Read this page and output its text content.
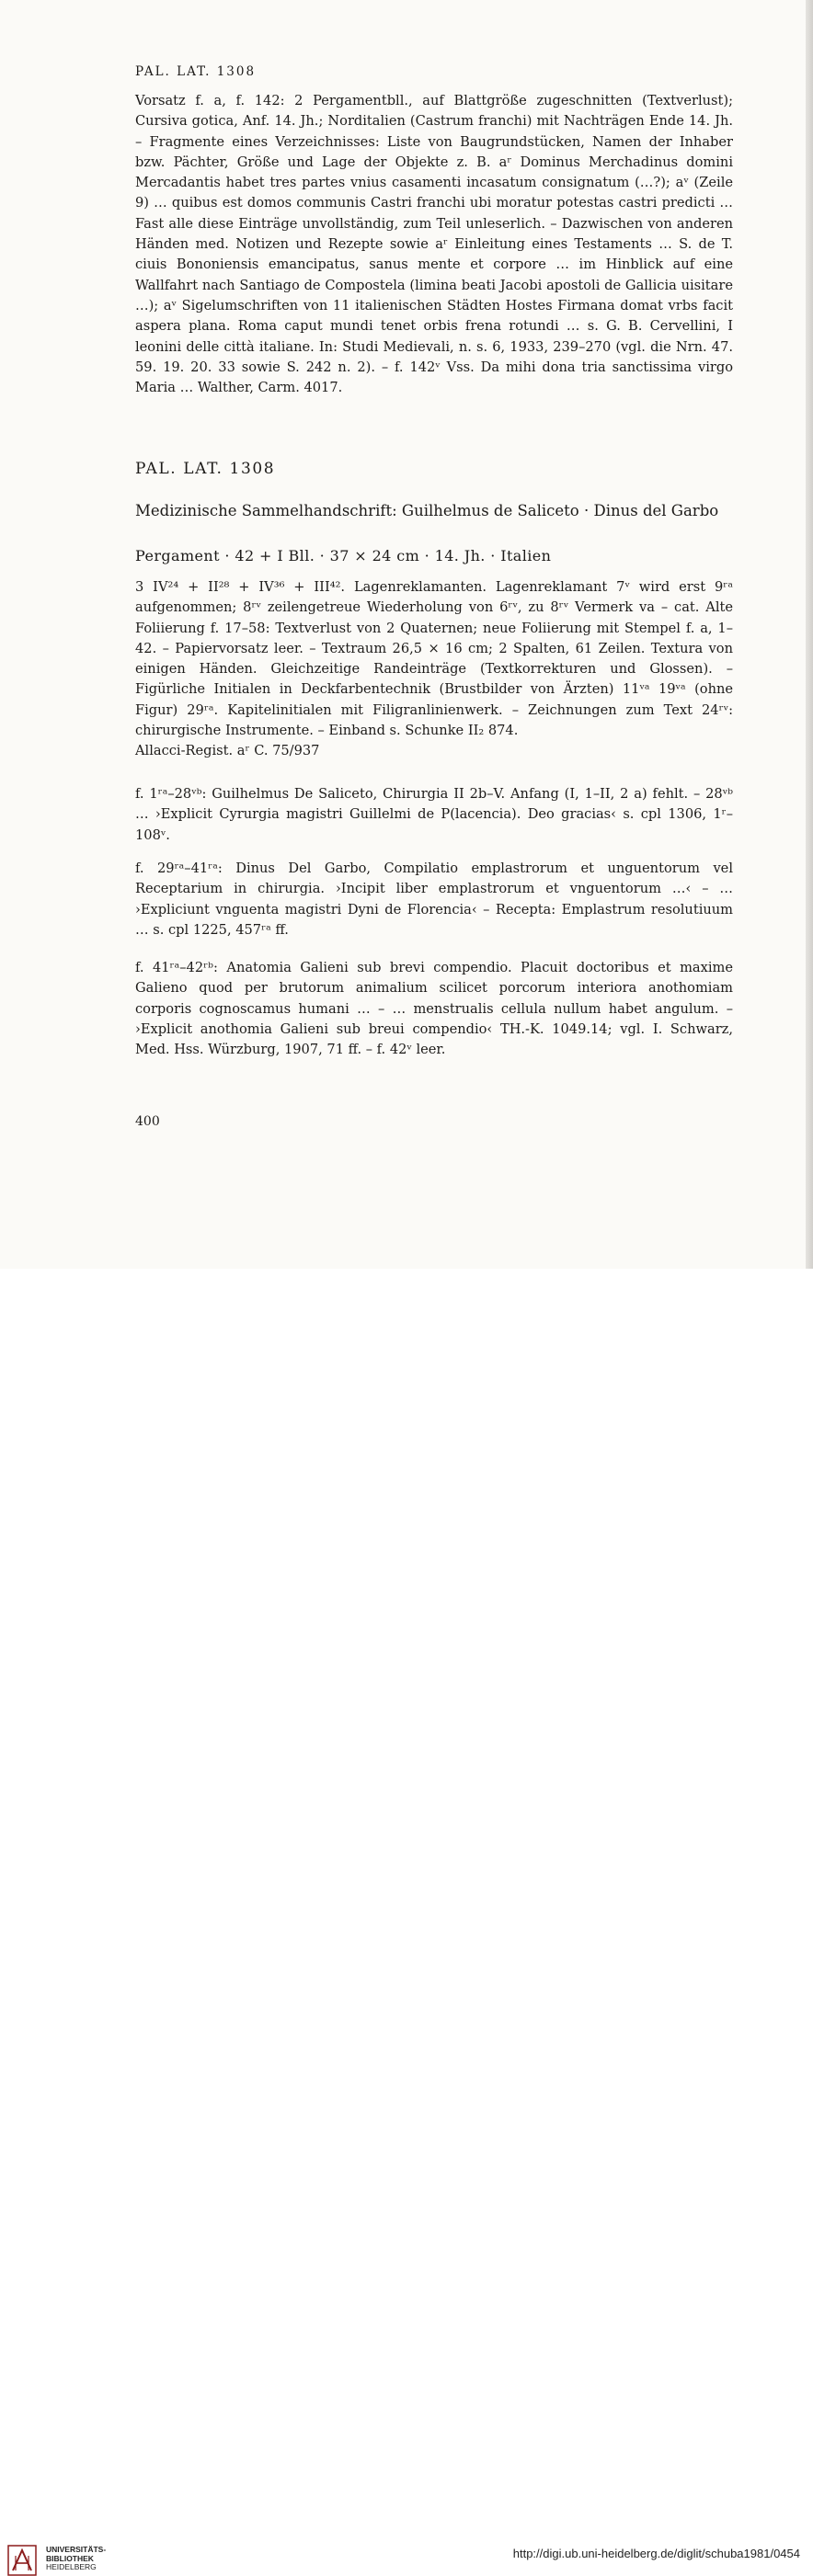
PAL. LAT. 1308

Vorsatz f. a, f. 142: 2 Pergamentbll., auf Blattgröße zugeschnitten (Textverlust); Cursiva gotica, Anf. 14. Jh.; Norditalien (Castrum franchi) mit Nachträgen Ende 14. Jh. – Fragmente eines Verzeichnisses: Liste von Baugrundstücken, Namen der Inhaber bzw. Pächter, Größe und Lage der Objekte z. B. aʳ Dominus Merchadinus domini Mercadantis habet tres partes vnius casamenti incasatum consignatum (…?); aᵛ (Zeile 9) … quibus est domos communis Castri franchi ubi moratur potestas castri predicti … Fast alle diese Einträge unvollständig, zum Teil unleserlich. – Dazwischen von anderen Händen med. Notizen und Rezepte sowie aʳ Einleitung eines Testaments … S. de T. ciuis Bononiensis emancipatus, sanus mente et corpore … im Hinblick auf eine Wallfahrt nach Santiago de Compostela (limina beati Jacobi apostoli de Gallicia uisitare …); aᵛ Sigelumschriften von 11 italienischen Städten Hostes Firmana domat vrbs facit aspera plana. Roma caput mundi tenet orbis frena rotundi … s. G. B. Cervellini, I leonini delle città italiane. In: Studi Medievali, n. s. 6, 1933, 239–270 (vgl. die Nrn. 47. 59. 19. 20. 33 sowie S. 242 n. 2). – f. 142ᵛ Vss. Da mihi dona tria sanctissima virgo Maria … Walther, Carm. 4017.

PAL. LAT. 1308
Medizinische Sammelhandschrift: Guilhelmus de Saliceto · Dinus del Garbo
Pergament · 42 + I Bll. · 37 × 24 cm · 14. Jh. · Italien

3 IV²⁴ + II²⁸ + IV³⁶ + III⁴². Lagenreklamanten. Lagenreklamant 7ᵛ wird erst 9ʳᵃ aufgenommen; 8ʳᵛ zeilengetreue Wiederholung von 6ʳᵛ, zu 8ʳᵛ Vermerk va – cat. Alte Foliierung f. 17–58: Textverlust von 2 Quaternen; neue Foliierung mit Stempel f. a, 1–42. – Papiervorsatz leer. – Textraum 26,5 × 16 cm; 2 Spalten, 61 Zeilen. Textura von einigen Händen. Gleichzeitige Randeinträge (Textkorrekturen und Glossen). – Figürliche Initialen in Deckfarbentechnik (Brustbilder von Ärzten) 11ᵛᵃ 19ᵛᵃ (ohne Figur) 29ʳᵃ. Kapitelinitialen mit Filigranlinienwerk. – Zeichnungen zum Text 24ʳᵛ: chirurgische Instrumente. – Einband s. Schunke II₂ 874.

Allacci-Regist. aʳ C. 75/937

f. 1ʳᵃ–28ᵛᵇ: Guilhelmus De Saliceto, Chirurgia II 2b–V. Anfang (I, 1–II, 2 a) fehlt. – 28ᵛᵇ … ›Explicit Cyrurgia magistri Guillelmi de P(lacencia). Deo gracias‹ s. cpl 1306, 1ʳ–108ᵛ.

f. 29ʳᵃ–41ʳᵃ: Dinus Del Garbo, Compilatio emplastrorum et unguentorum vel Receptarium in chirurgia. ›Incipit liber emplastrorum et vnguentorum …‹ – … ›Expliciunt vnguenta magistri Dyni de Florencia‹ – Recepta: Emplastrum resolutiuum … s. cpl 1225, 457ʳᵃ ff.

f. 41ʳᵃ–42ʳᵇ: Anatomia Galieni sub brevi compendio. Placuit doctoribus et maxime Galieno quod per brutorum animalium scilicet porcorum interiora anothomiam corporis cognoscamus humani … – … menstrualis cellula nullum habet angulum. – ›Explicit anothomia Galieni sub breui compendio‹ TH.-K. 1049.14; vgl. I. Schwarz, Med. Hss. Würzburg, 1907, 71 ff. – f. 42ᵛ leer.

400
UNIVERSITÄTS-
BIBLIOTHEK
HEIDELBERG
http://digi.ub.uni-heidelberg.de/diglit/schuba1981/0454
